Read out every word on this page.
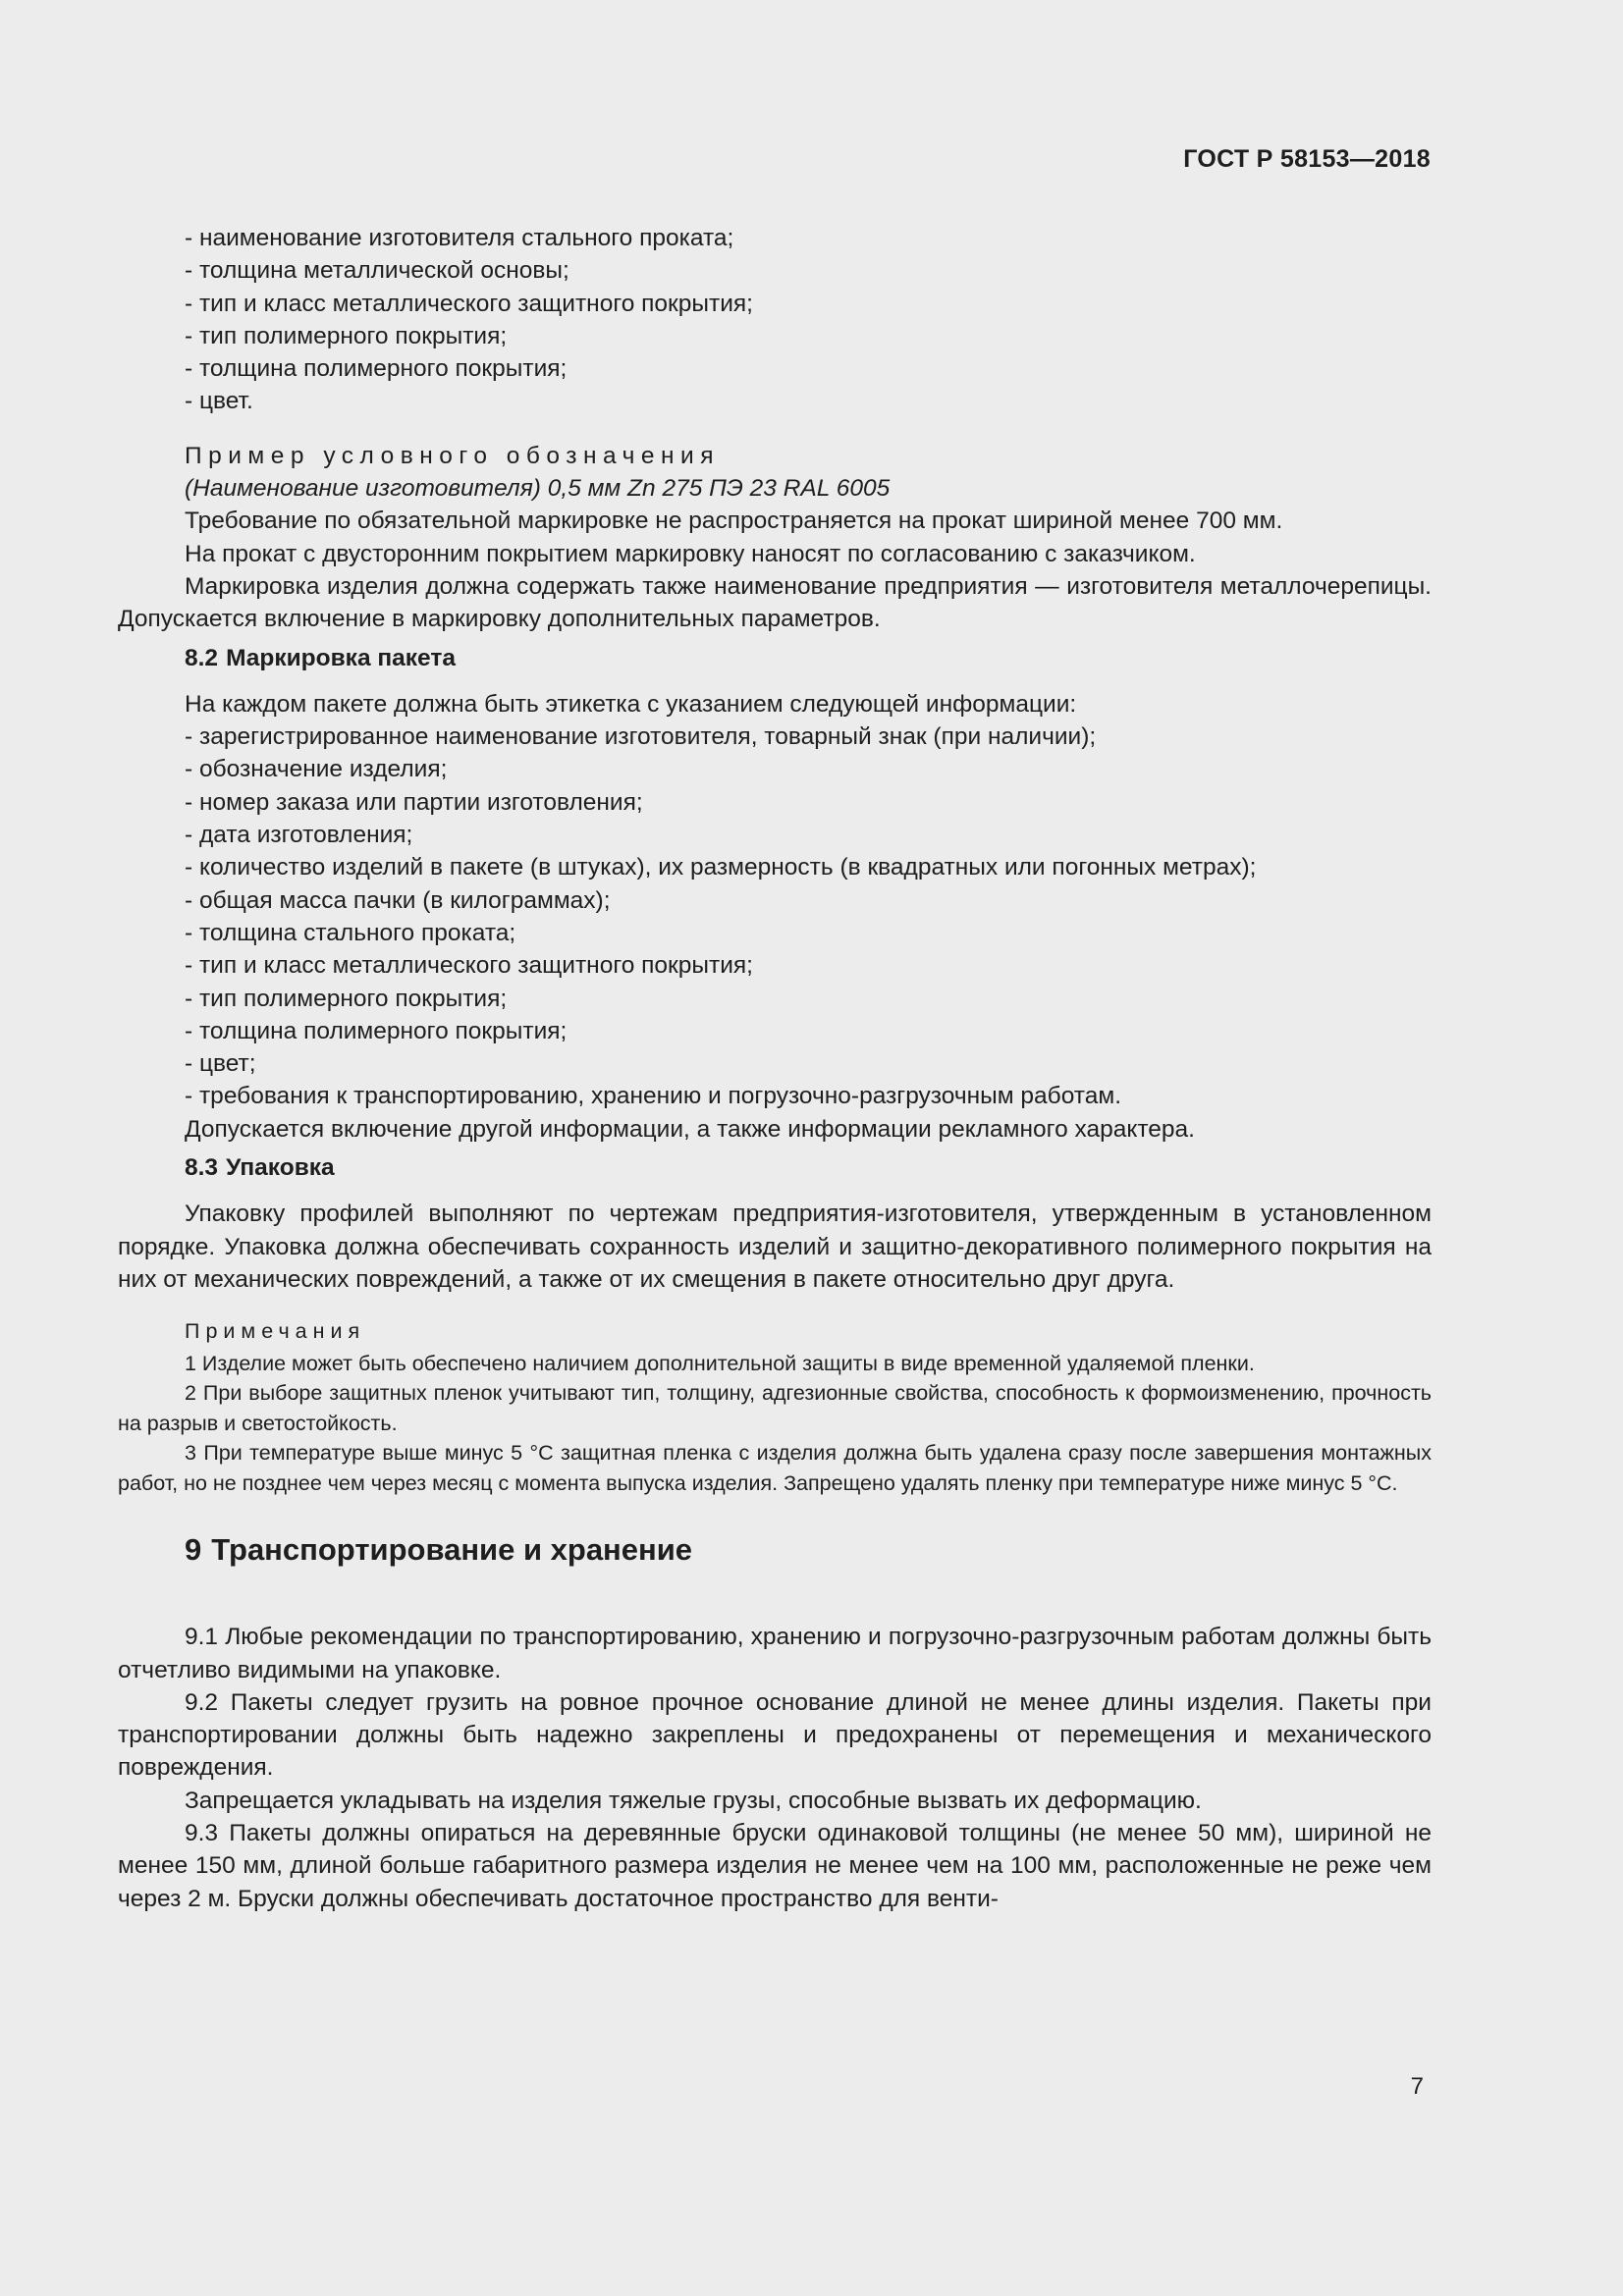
ГОСТ Р 58153—2018
- наименование изготовителя стального проката;
- толщина металлической основы;
- тип и класс металлического защитного покрытия;
- тип полимерного покрытия;
- толщина полимерного покрытия;
- цвет.
Пример условного обозначения
(Наименование изготовителя) 0,5 мм Zn 275 ПЭ 23 RAL 6005
Требование по обязательной маркировке не распространяется на прокат шириной менее 700 мм.
На прокат с двусторонним покрытием маркировку наносят по согласованию с заказчиком.
Маркировка изделия должна содержать также наименование предприятия — изготовителя металлочерепицы. Допускается включение в маркировку дополнительных параметров.
8.2 Маркировка пакета
На каждом пакете должна быть этикетка с указанием следующей информации:
- зарегистрированное наименование изготовителя, товарный знак (при наличии);
- обозначение изделия;
- номер заказа или партии изготовления;
- дата изготовления;
- количество изделий в пакете (в штуках), их размерность (в квадратных или погонных метрах);
- общая масса пачки (в килограммах);
- толщина стального проката;
- тип и класс металлического защитного покрытия;
- тип полимерного покрытия;
- толщина полимерного покрытия;
- цвет;
- требования к транспортированию, хранению и погрузочно-разгрузочным работам.
Допускается включение другой информации, а также информации рекламного характера.
8.3 Упаковка
Упаковку профилей выполняют по чертежам предприятия-изготовителя, утвержденным в установленном порядке. Упаковка должна обеспечивать сохранность изделий и защитно-декоративного полимерного покрытия на них от механических повреждений, а также от их смещения в пакете относительно друг друга.
Примечания
1 Изделие может быть обеспечено наличием дополнительной защиты в виде временной удаляемой пленки.
2 При выборе защитных пленок учитывают тип, толщину, адгезионные свойства, способность к формоизменению, прочность на разрыв и светостойкость.
3 При температуре выше минус 5 °C защитная пленка с изделия должна быть удалена сразу после завершения монтажных работ, но не позднее чем через месяц с момента выпуска изделия. Запрещено удалять пленку при температуре ниже минус 5 °C.
9 Транспортирование и хранение
9.1 Любые рекомендации по транспортированию, хранению и погрузочно-разгрузочным работам должны быть отчетливо видимыми на упаковке.
9.2 Пакеты следует грузить на ровное прочное основание длиной не менее длины изделия. Пакеты при транспортировании должны быть надежно закреплены и предохранены от перемещения и механического повреждения.
Запрещается укладывать на изделия тяжелые грузы, способные вызвать их деформацию.
9.3 Пакеты должны опираться на деревянные бруски одинаковой толщины (не менее 50 мм), шириной не менее 150 мм, длиной больше габаритного размера изделия не менее чем на 100 мм, расположенные не реже чем через 2 м. Бруски должны обеспечивать достаточное пространство для венти-
7
